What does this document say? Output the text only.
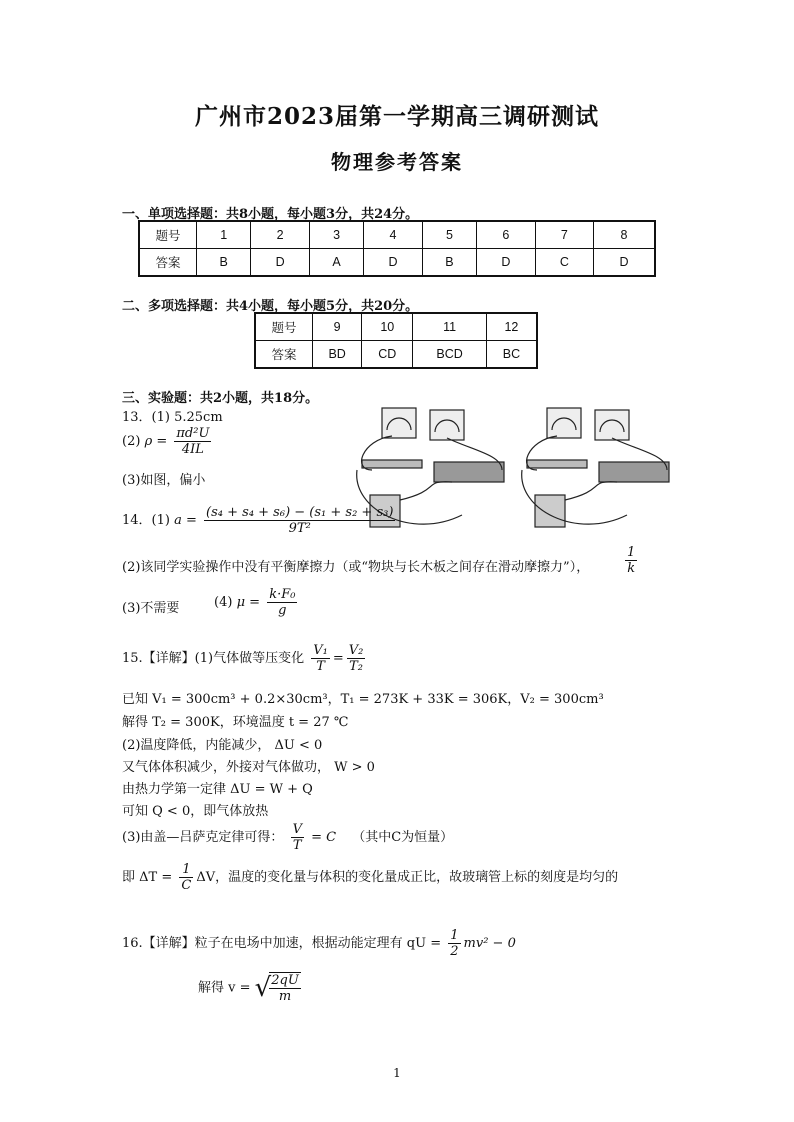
广州市2023届第一学期高三调研测试
物理参考答案
一、单项选择题：共8小题，每小题3分，共24分。
题号	1	2	3	4	5	6	7	8
答案	B	D	A	D	B	D	C	D
二、多项选择题：共4小题，每小题5分，共20分。
题号	9	10	11	12
答案	BD	CD	BCD	BC
三、实验题：共2小题，共18分。
13．(1) 5.25cm
(2) $\rho = \frac{\text{πd²U}}{4IL}$
(3)如图，偏小
14．(1) $a = \frac{\text{(s₄ + s₄ + s₆) − (s₁ + s₂ + s₃)}}{\text{9T²}}$
(2)该同学实验操作中没有平衡摩擦力（或“物块与长木板之间存在滑动摩擦力”），	$\frac{1}{k}$
(3)不需要	(4) $\mu = \frac{\text{k·F₀}}{g}$
15.【详解】(1)气体做等压变化 $\frac{\text{V₁}}{T} = \frac{\text{V₂}}{\text{T₂}}$
已知 V₁ = 300cm³ + 0.2×30cm³，T₁ = 273K + 33K = 306K，V₂ = 300cm³
解得 T₂ = 300K，环境温度 t = 27 ℃
(2)温度降低，内能减少， ΔU < 0
又气体体积减少，外接对气体做功， W > 0
由热力学第一定律 ΔU = W + Q
可知 Q < 0，即气体放热
(3)由盖—吕萨克定律可得： $\frac{V}{T} = C$ （其中C为恒量）
即 $\Delta T = \frac{1}{C}$ ΔV，温度的变化量与体积的变化量成正比，故玻璃管上标的刻度是均匀的
16.【详解】粒子在电场中加速，根据动能定理有 qU = $\frac{1}{2} mv^2 - 0$
解得 v = √
$\frac{2qU}{m}$
1
